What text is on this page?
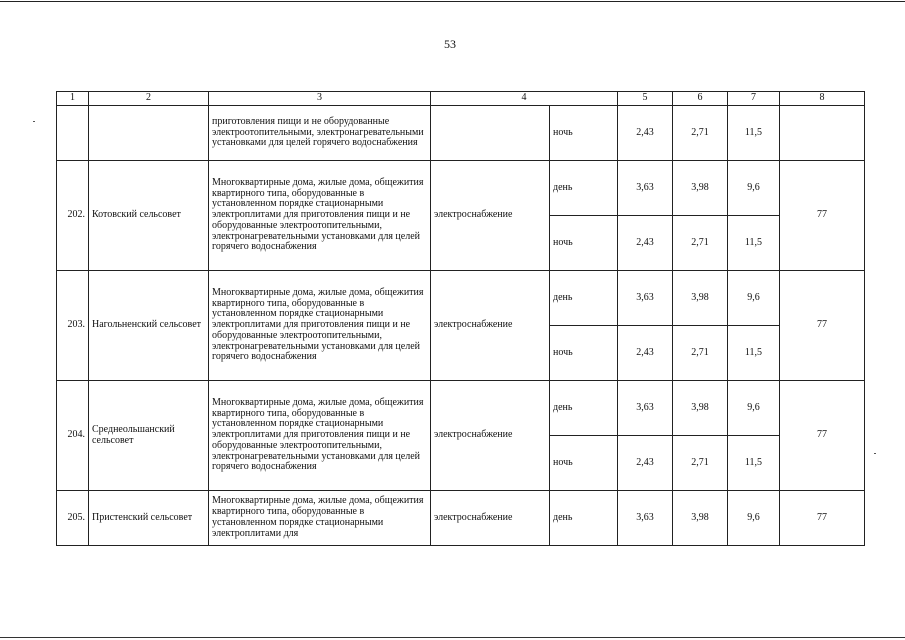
53
1	2	3	4		5	6	7	8
		приготовления пищи и не оборудованные электроотопительными, электронагревательными установками для целей горячего водоснабжения		ночь	2,43	2,71	11,5	
202.	Котовский сельсовет	Многоквартирные дома, жилые дома, общежития квартирного типа, оборудованные в установленном порядке стационарными электроплитами для приготовления пищи и не оборудованные электроотопительными, электронагревательными установками для целей горячего водоснабжения	электроснабжение	день	3,63	3,98	9,6	77
				ночь	2,43	2,71	11,5	
203.	Нагольненский сельсовет	Многоквартирные дома, жилые дома, общежития квартирного типа, оборудованные в установленном порядке стационарными электроплитами для приготовления пищи и не оборудованные электроотопительными, электронагревательными установками для целей горячего водоснабжения	электроснабжение	день	3,63	3,98	9,6	77
				ночь	2,43	2,71	11,5	
204.	Среднеольшанский сельсовет	Многоквартирные дома, жилые дома, общежития квартирного типа, оборудованные в установленном порядке стационарными электроплитами для приготовления пищи и не оборудованные электроотопительными, электронагревательными установками для целей горячего водоснабжения	электроснабжение	день	3,63	3,98	9,6	77
				ночь	2,43	2,71	11,5	
205.	Пристенский сельсовет	Многоквартирные дома, жилые дома, общежития квартирного типа, оборудованные в установленном порядке стационарными электроплитами для	электроснабжение	день	3,63	3,98	9,6	77
